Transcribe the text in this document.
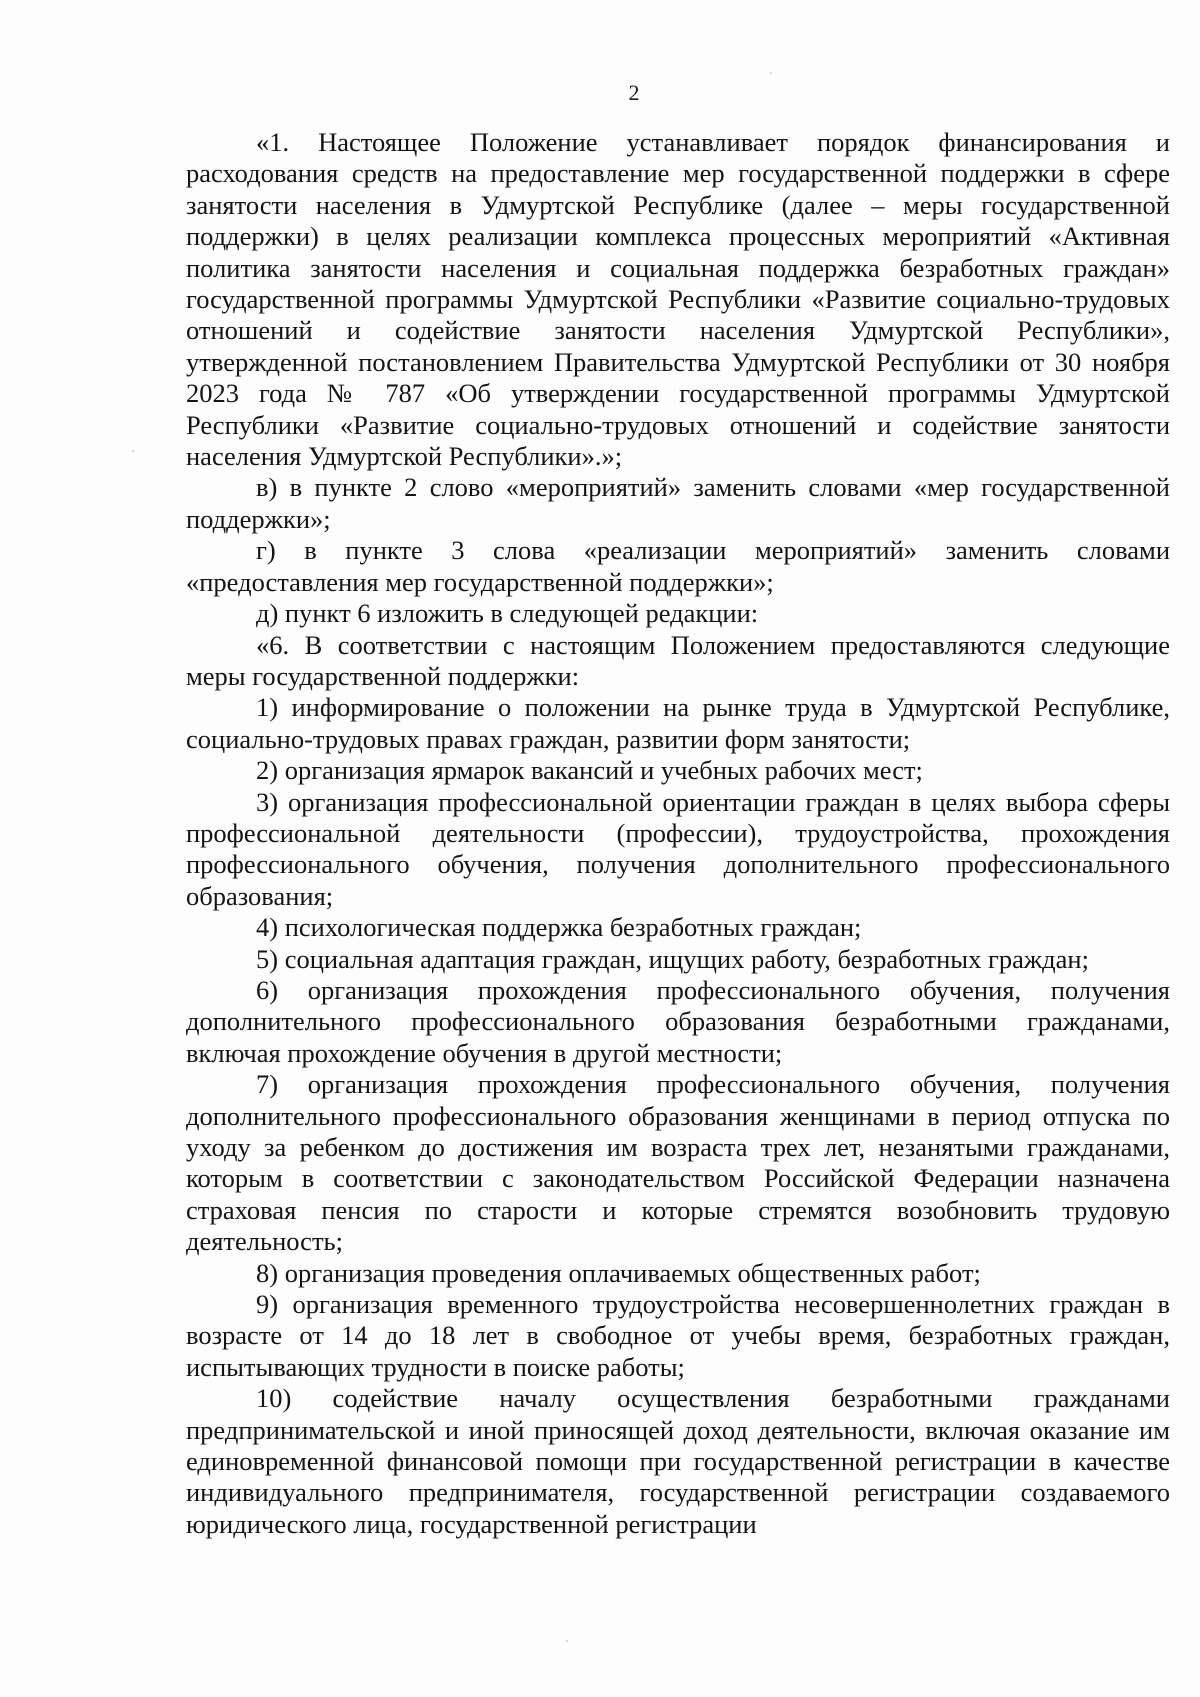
2

«1. Настоящее Положение устанавливает порядок финансирования и расходования средств на предоставление мер государственной поддержки в сфере занятости населения в Удмуртской Республике (далее – меры государственной поддержки) в целях реализации комплекса процессных мероприятий «Активная политика занятости населения и социальная поддержка безработных граждан» государственной программы Удмуртской Республики «Развитие социально-трудовых отношений и содействие занятости населения Удмуртской Республики», утвержденной постановлением Правительства Удмуртской Республики от 30 ноября 2023 года № 787 «Об утверждении государственной программы Удмуртской Республики «Развитие социально-трудовых отношений и содействие занятости населения Удмуртской Республики».»;

в) в пункте 2 слово «мероприятий» заменить словами «мер государственной поддержки»;

г) в пункте 3 слова «реализации мероприятий» заменить словами «предоставления мер государственной поддержки»;

д) пункт 6 изложить в следующей редакции:

«6. В соответствии с настоящим Положением предоставляются следующие меры государственной поддержки:

1) информирование о положении на рынке труда в Удмуртской Республике, социально-трудовых правах граждан, развитии форм занятости;

2) организация ярмарок вакансий и учебных рабочих мест;

3) организация профессиональной ориентации граждан в целях выбора сферы профессиональной деятельности (профессии), трудоустройства, прохождения профессионального обучения, получения дополнительного профессионального образования;

4) психологическая поддержка безработных граждан;

5) социальная адаптация граждан, ищущих работу, безработных граждан;

6) организация прохождения профессионального обучения, получения дополнительного профессионального образования безработными гражданами, включая прохождение обучения в другой местности;

7) организация прохождения профессионального обучения, получения дополнительного профессионального образования женщинами в период отпуска по уходу за ребенком до достижения им возраста трех лет, незанятыми гражданами, которым в соответствии с законодательством Российской Федерации назначена страховая пенсия по старости и которые стремятся возобновить трудовую деятельность;

8) организация проведения оплачиваемых общественных работ;

9) организация временного трудоустройства несовершеннолетних граждан в возрасте от 14 до 18 лет в свободное от учебы время, безработных граждан, испытывающих трудности в поиске работы;

10) содействие началу осуществления безработными гражданами предпринимательской и иной приносящей доход деятельности, включая оказание им единовременной финансовой помощи при государственной регистрации в качестве индивидуального предпринимателя, государственной регистрации создаваемого юридического лица, государственной регистрации
